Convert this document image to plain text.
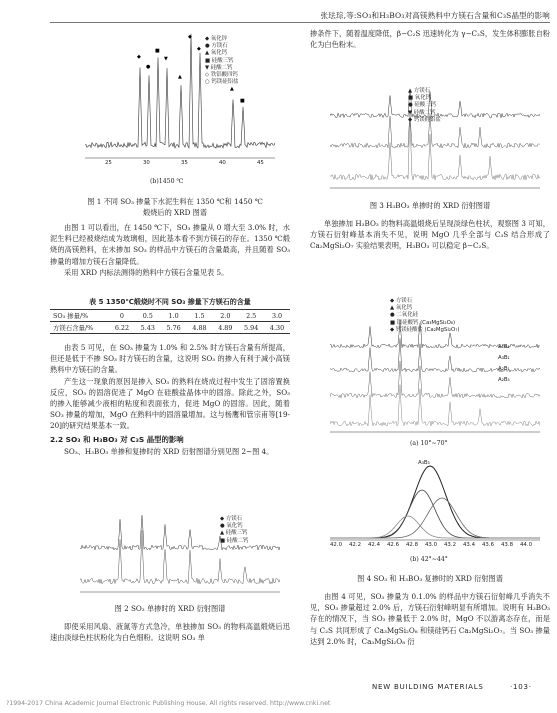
张珐琮,等:SO₃和H₃BO₃对高镁熟料中方镁石含量和C₃S晶型的影响
◆
●
■
▼
▲
◆
◆
▲
■
◆ 氧化锌
● 方镁石
▲ 氧化钙
■ 硅酸三钙
▼ 硅酸二钙
◇ 铁铝酸四钙
○ 钙镁硅铝盐
25	30	35	40	45
(b)1450 ℃
图 1 不同 SO₃ 掺量下水泥生料在 1350 ℃和 1450 ℃
煅烧后的 XRD 图谱

由图 1 可以看出，在 1450 ℃下，SO₃ 掺量从 0 增大至 3.0% 时，水泥生料已经被烧结成为玻璃相，因此基本看不到方镁石的存在。1350 ℃煅烧的高镁熟料，在未掺加 SO₃ 的样品中方镁石的含量最高，并且随着 SO₃ 掺量的增加方镁石含量降低。

采用 XRD 内标法测得的熟料中方镁石含量见表 5。

表 5 1350℃煅烧时不同 SO₃ 掺量下方镁石的含量
SO₃ 掺量/%	0	0.5	1.0	1.5	2.0	2.5	3.0
方镁石含量/%	6.22	5.43	5.76	4.88	4.89	5.94	4.30

由表 5 可见，在 SO₃ 掺量为 1.0% 和 2.5% 时方镁石含量有所提高，但还是低于不掺 SO₃ 时方镁石的含量，这说明 SO₃ 的掺入有利于减小高镁熟料中方镁石的含量。

产生这一现象的原因是掺入 SO₃ 的熟料在烧成过程中发生了固溶置换反应，SO₃ 的固溶促进了 MgO 在硅酸盐晶体中的固溶。除此之外，SO₃ 的掺入能够减少液相的粘度和表面张力，促进 MgO 的固溶。因此，随着 SO₃ 掺量的增加，MgO 在熟料中的固溶量增加。这与杨鹰和管宗甫等[19-20]的研究结果基本一致。

2.2 SO₃ 和 H₃BO₃ 对 C₃S 晶型的影响

SO₃、H₃BO₃ 单掺和复掺时的 XRD 衍射图谱分别见图 2~图 4。

◆ 方镁石
● 氧化钙
▲ 硅酸三钙
■ 硅酸二钙
图 2 SO₃ 单掺时的 XRD 衍射图谱

即使采用风扇、液氮等方式急冷，单独掺加 SO₃ 的物料高温煅烧后迅速由淡绿色柱状粉化为白色细粉。这说明 SO₃ 单

掺条件下，随着温度降低，β−C₂S 迅速转化为 γ−C₂S，发生体积膨胀自粉化为白色粉末。

▲ 方镁石
■ 氧化钙
● 硅酸三钙
▼ 硅酸二钙
◆ 钙镁硅铝盐
图 3 H₃BO₃ 单掺时的 XRD 衍射图谱

单独掺加 H₃BO₃ 的物料高温煅烧后呈现淡绿色柱状，观察图 3 可知，方镁石衍射峰基本消失不见，说明 MgO 几乎全部与 C₃S 结合形成了 Ca₂MgSi₂O₇ 实验结果表明，H₃BO₃ 可以稳定 β−C₂S。

◆ 方镁石
▲ 氧化钙
● 二氧化硅
■ 镁硅酸钙 (Ca₃MgSi₂O₈)
◆ 钙镁硅酸盐 (Ca₂MgSi₂O₇)
A₁B₁
A₃B₁
A₂B₁
A₂B₃
(a) 10°~70°
A₃B₃
42.0 42.2 42.4 42.6 42.8 43.0 43.2 43.4 43.6 43.8 44.0
(b) 42°~44°
图 4 SO₃ 和 H₃BO₃ 复掺时的 XRD 衍射图谱

由图 4 可见，SO₃ 掺量为 0.1.0% 的样品中方镁石衍射峰几乎消失不见，SO₃ 掺量超过 2.0% 后，方镁石衍射峰明显有所增加。说明有 H₃BO₃ 存在的情况下，当 SO₃ 掺量低于 2.0% 时，MgO 不以游离态存在，而是与 C₂S 共同形成了 Ca₃MgSi₂O₈ 和镁硅钙石 Ca₂MgSi₂O₇。当 SO₃ 掺量达到 2.0% 时，Ca₃MgSi₂O₈ 衍

NEW BUILDING MATERIALS	·103·
?1994-2017 China Academic Journal Electronic Publishing House. All rights reserved. http://www.cnki.net
